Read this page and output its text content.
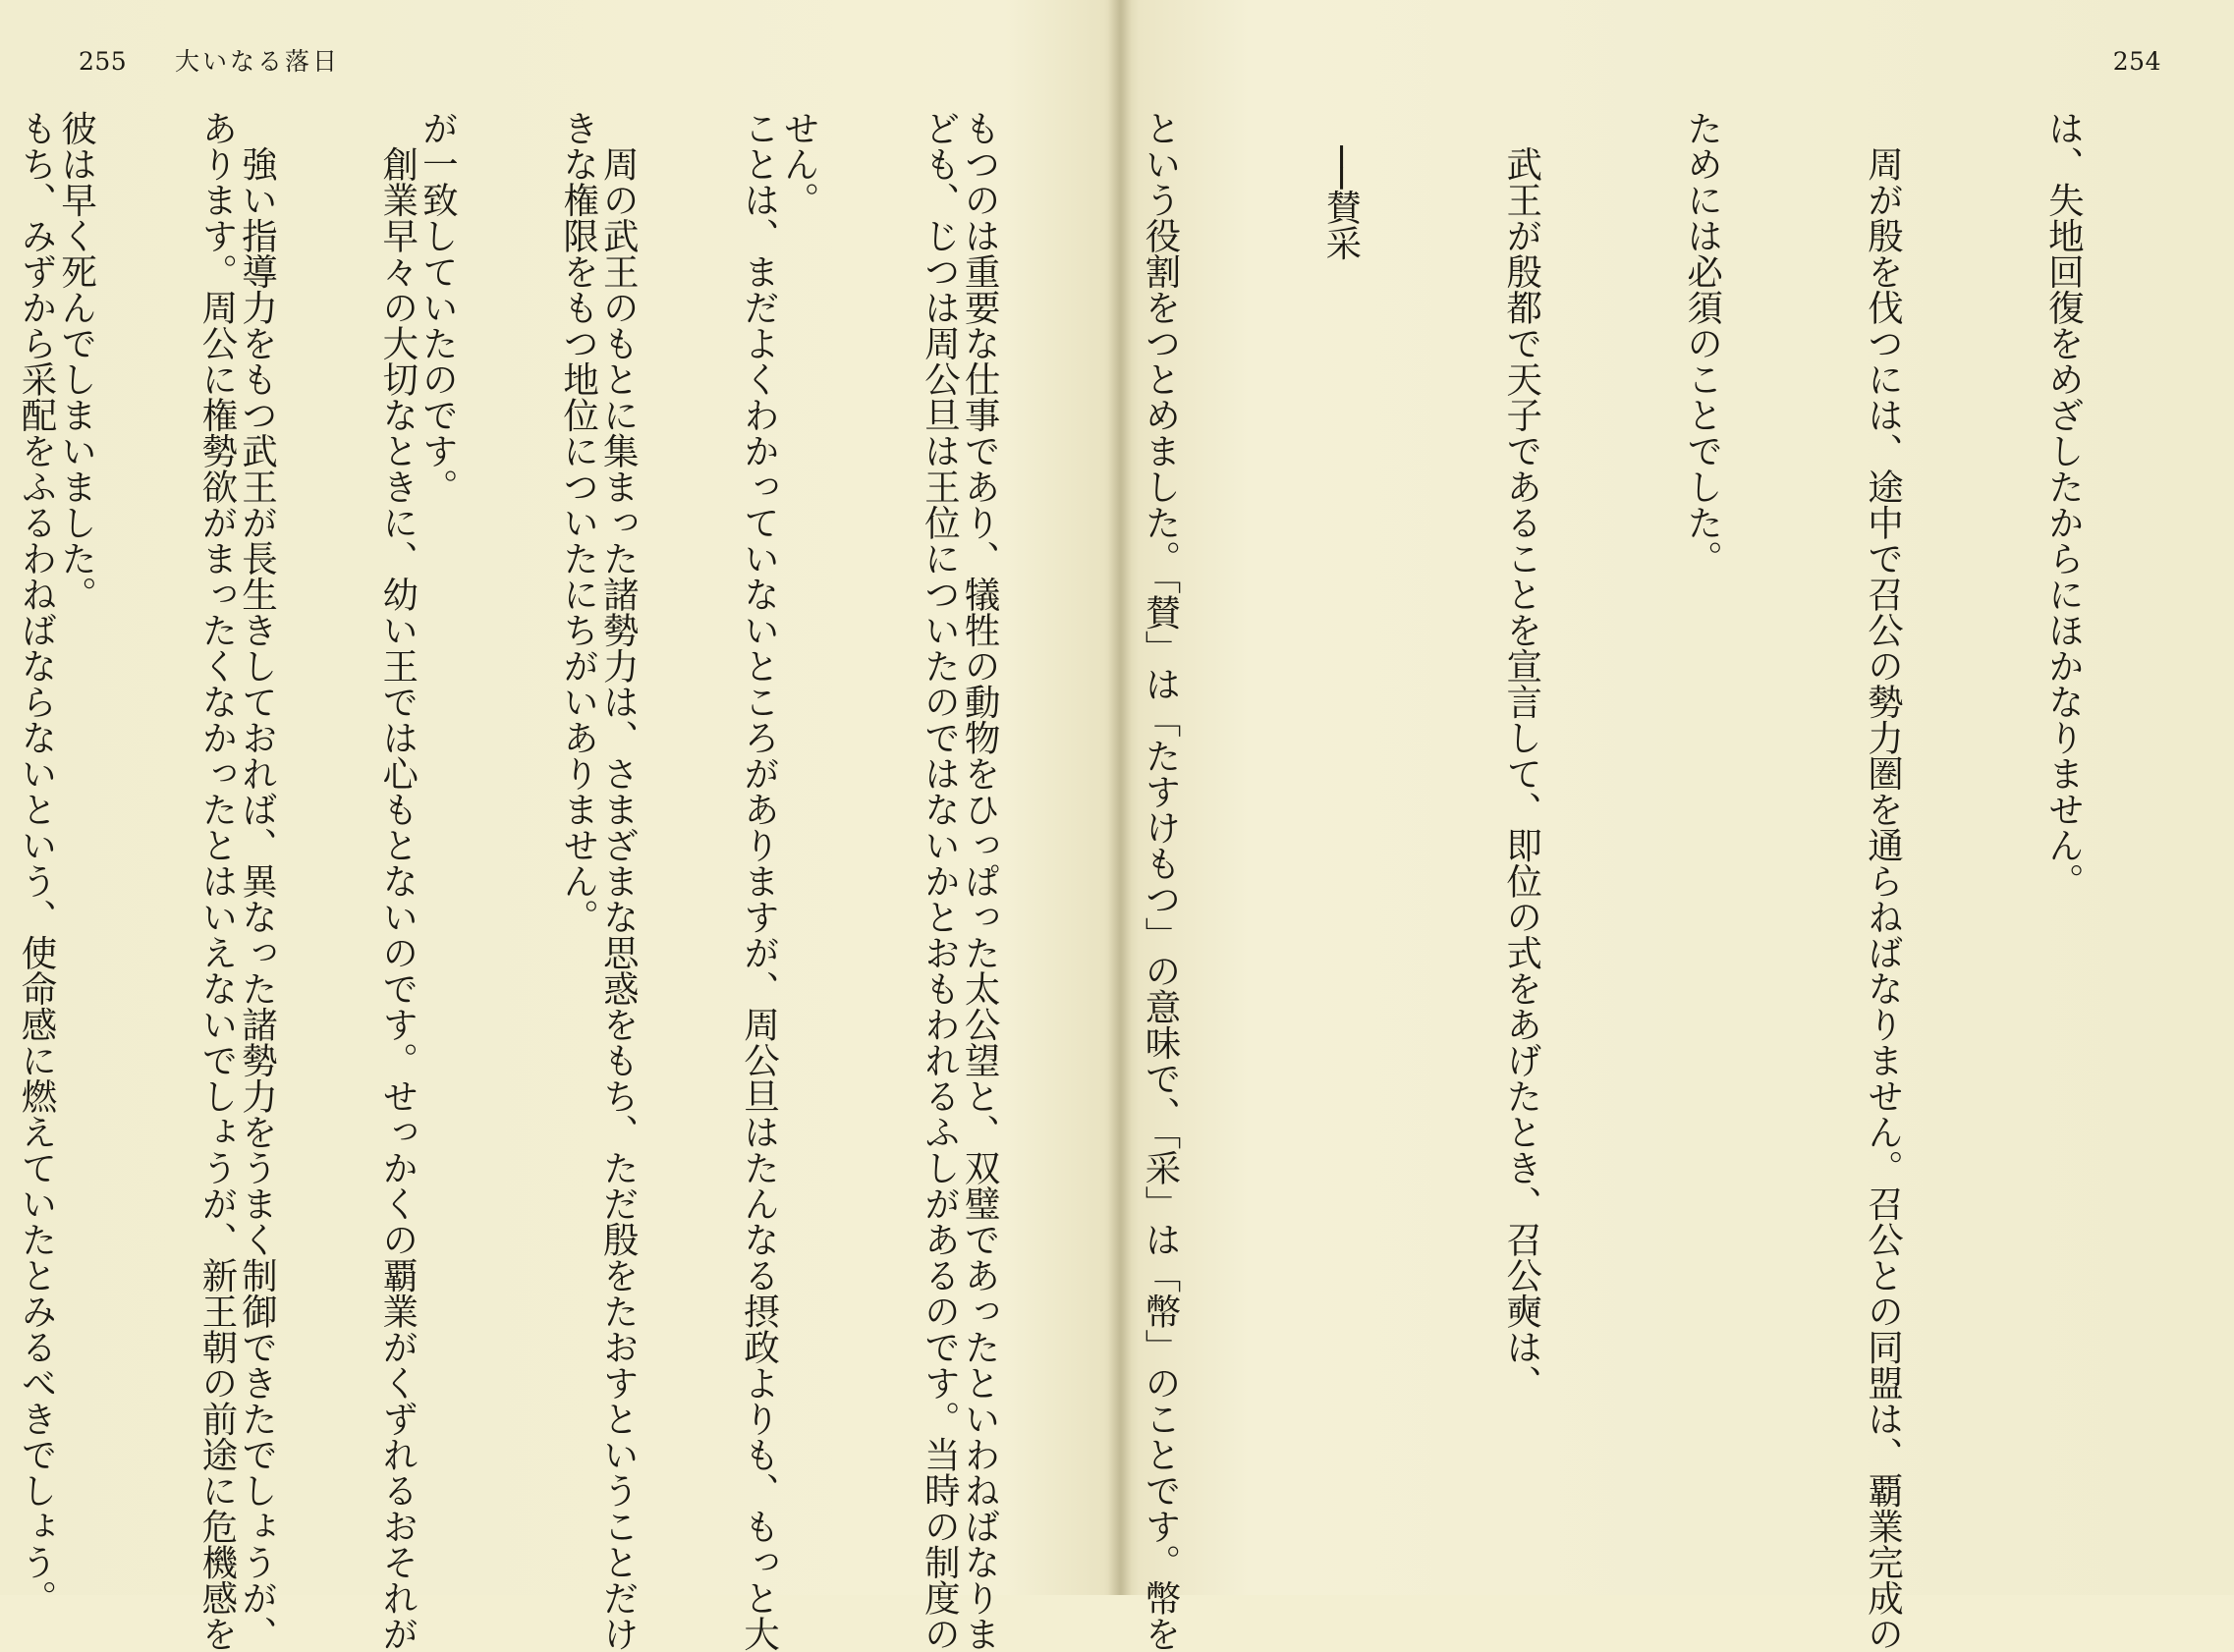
255 大いなる落日

ども、じつは周公旦は王位についたのではないかとおもわれるふしがあるのです。当時の制度の

ことは、まだよくわかっていないところがありますが、周公旦はたんなる摂政よりも、もっと大

きな権限をもつ地位についたにちがいありません。

　創業早々の大切なときに、幼い王では心もとないのです。せっかくの覇業がくずれるおそれが

あります。周公に権勢欲がまったくなかったとはいえないでしょうが、新王朝の前途に危機感を

もち、みずから采配をふるわねばならないという、使命感に燃えていたとみるべきでしょう。

254

は、失地回復をめざしたからにほかなりません。

　周が殷を伐つには、途中で召公の勢力圏を通らねばなりません。召公との同盟は、覇業完成の

ためには必須のことでした。

　武王が殷都で天子であることを宣言して、即位の式をあげたとき、召公奭は、

　──賛采

という役割をつとめました。「賛」は「たすけもつ」の意味で、「采」は「幣」のことです。幣を

もつのは重要な仕事であり、犠牲の動物をひっぱった太公望と、双璧であったといわねばなりま

せん。

　周の武王のもとに集まった諸勢力は、さまざまな思惑をもち、ただ殷をたおすということだけ

が一致していたのです。

　強い指導力をもつ武王が長生きしておれば、異なった諸勢力をうまく制御できたでしょうが、

彼は早く死んでしまいました。
